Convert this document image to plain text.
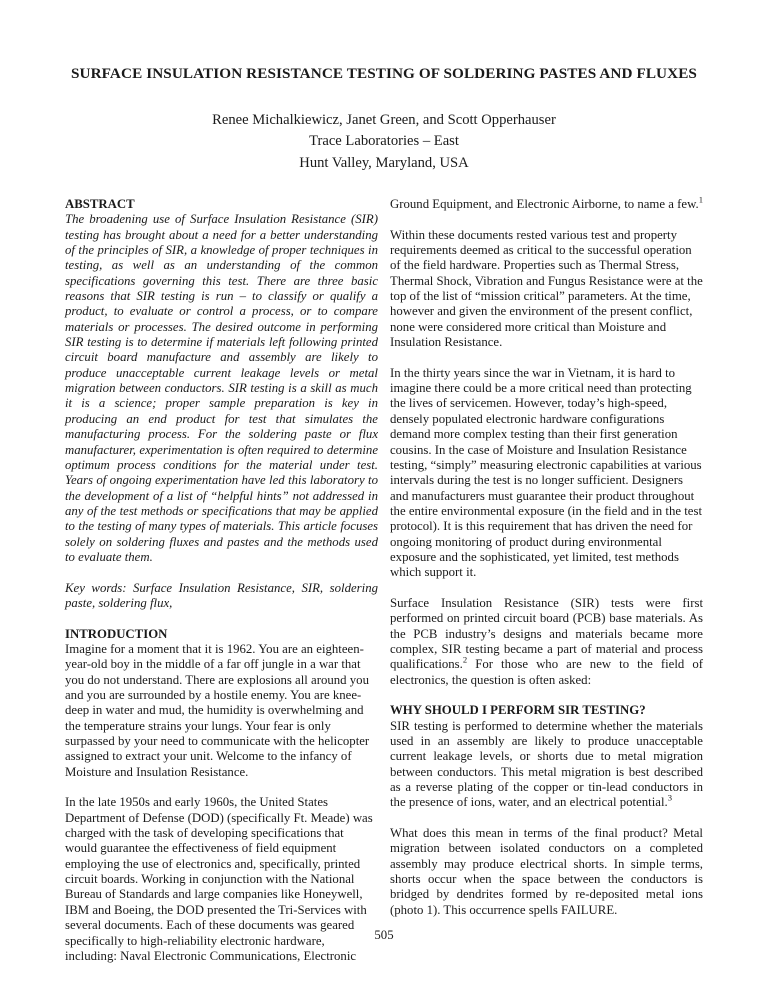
SURFACE INSULATION RESISTANCE TESTING OF SOLDERING PASTES AND FLUXES
Renee Michalkiewicz, Janet Green, and Scott Opperhauser
Trace Laboratories – East
Hunt Valley, Maryland, USA
ABSTRACT

The broadening use of Surface Insulation Resistance (SIR) testing has brought about a need for a better understanding of the principles of SIR, a knowledge of proper techniques in testing, as well as an understanding of the common specifications governing this test. There are three basic reasons that SIR testing is run – to classify or qualify a product, to evaluate or control a process, or to compare materials or processes. The desired outcome in performing SIR testing is to determine if materials left following printed circuit board manufacture and assembly are likely to produce unacceptable current leakage levels or metal migration between conductors. SIR testing is a skill as much it is a science; proper sample preparation is key in producing an end product for test that simulates the manufacturing process. For the soldering paste or flux manufacturer, experimentation is often required to determine optimum process conditions for the material under test. Years of ongoing experimentation have led this laboratory to the development of a list of “helpful hints” not addressed in any of the test methods or specifications that may be applied to the testing of many types of materials. This article focuses solely on soldering fluxes and pastes and the methods used to evaluate them.

Key words: Surface Insulation Resistance, SIR, soldering paste, soldering flux,

INTRODUCTION

Imagine for a moment that it is 1962. You are an eighteen-year-old boy in the middle of a far off jungle in a war that you do not understand. There are explosions all around you and you are surrounded by a hostile enemy. You are knee-deep in water and mud, the humidity is overwhelming and the temperature strains your lungs. Your fear is only surpassed by your need to communicate with the helicopter assigned to extract your unit. Welcome to the infancy of Moisture and Insulation Resistance.

In the late 1950s and early 1960s, the United States Department of Defense (DOD) (specifically Ft. Meade) was charged with the task of developing specifications that would guarantee the effectiveness of field equipment employing the use of electronics and, specifically, printed circuit boards. Working in conjunction with the National Bureau of Standards and large companies like Honeywell, IBM and Boeing, the DOD presented the Tri-Services with several documents. Each of these documents was geared specifically to high-reliability electronic hardware, including: Naval Electronic Communications, Electronic

Ground Equipment, and Electronic Airborne, to name a few.$^1$

Within these documents rested various test and property requirements deemed as critical to the successful operation of the field hardware. Properties such as Thermal Stress, Thermal Shock, Vibration and Fungus Resistance were at the top of the list of “mission critical” parameters. At the time, however and given the environment of the present conflict, none were considered more critical than Moisture and Insulation Resistance.

In the thirty years since the war in Vietnam, it is hard to imagine there could be a more critical need than protecting the lives of servicemen. However, today’s high-speed, densely populated electronic hardware configurations demand more complex testing than their first generation cousins. In the case of Moisture and Insulation Resistance testing, “simply” measuring electronic capabilities at various intervals during the test is no longer sufficient. Designers and manufacturers must guarantee their product throughout the entire environmental exposure (in the field and in the test protocol). It is this requirement that has driven the need for ongoing monitoring of product during environmental exposure and the sophisticated, yet limited, test methods which support it.

Surface Insulation Resistance (SIR) tests were first performed on printed circuit board (PCB) base materials. As the PCB industry’s designs and materials became more complex, SIR testing became a part of material and process qualifications.$^2$ For those who are new to the field of electronics, the question is often asked:

WHY SHOULD I PERFORM SIR TESTING?

SIR testing is performed to determine whether the materials used in an assembly are likely to produce unacceptable current leakage levels, or shorts due to metal migration between conductors. This metal migration is best described as a reverse plating of the copper or tin-lead conductors in the presence of ions, water, and an electrical potential.$^3$

What does this mean in terms of the final product? Metal migration between isolated conductors on a completed assembly may produce electrical shorts. In simple terms, shorts occur when the space between the conductors is bridged by dendrites formed by re-deposited metal ions (photo 1). This occurrence spells FAILURE.

505
